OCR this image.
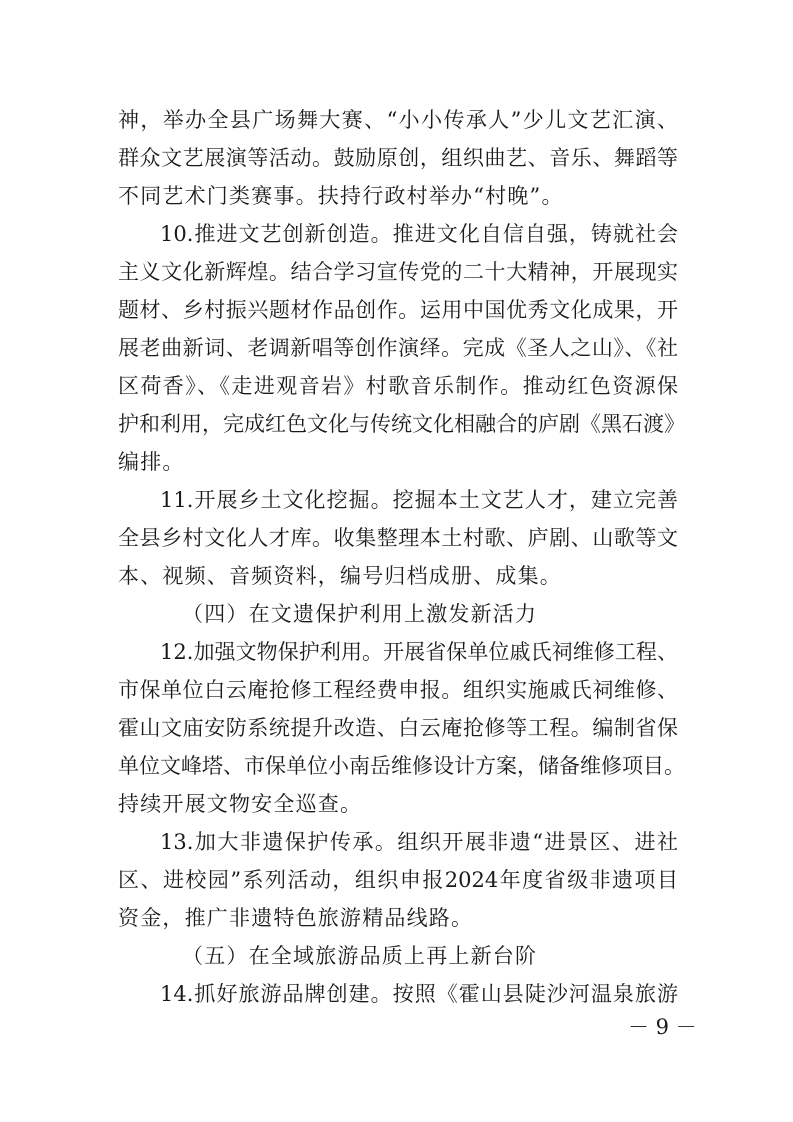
神，举办全县广场舞大赛、“小小传承人”少儿文艺汇演、
群众文艺展演等活动。鼓励原创，组织曲艺、音乐、舞蹈等
不同艺术门类赛事。扶持行政村举办“村晚”。
10.推进文艺创新创造。推进文化自信自强，铸就社会
主义文化新辉煌。结合学习宣传党的二十大精神，开展现实
题材、乡村振兴题材作品创作。运用中国优秀文化成果，开
展老曲新词、老调新唱等创作演绎。完成《圣人之山》、《社
区荷香》、《走进观音岩》村歌音乐制作。推动红色资源保
护和利用，完成红色文化与传统文化相融合的庐剧《黑石渡》
编排。
11.开展乡土文化挖掘。挖掘本土文艺人才，建立完善
全县乡村文化人才库。收集整理本土村歌、庐剧、山歌等文
本、视频、音频资料，编号归档成册、成集。
（四）在文遗保护利用上激发新活力
12.加强文物保护利用。开展省保单位戚氏祠维修工程、
市保单位白云庵抢修工程经费申报。组织实施戚氏祠维修、
霍山文庙安防系统提升改造、白云庵抢修等工程。编制省保
单位文峰塔、市保单位小南岳维修设计方案，储备维修项目。
持续开展文物安全巡查。
13.加大非遗保护传承。组织开展非遗“进景区、进社
区、进校园”系列活动，组织申报2024年度省级非遗项目
资金，推广非遗特色旅游精品线路。
（五）在全域旅游品质上再上新台阶
14.抓好旅游品牌创建。按照《霍山县陡沙河温泉旅游
－ 9 －
